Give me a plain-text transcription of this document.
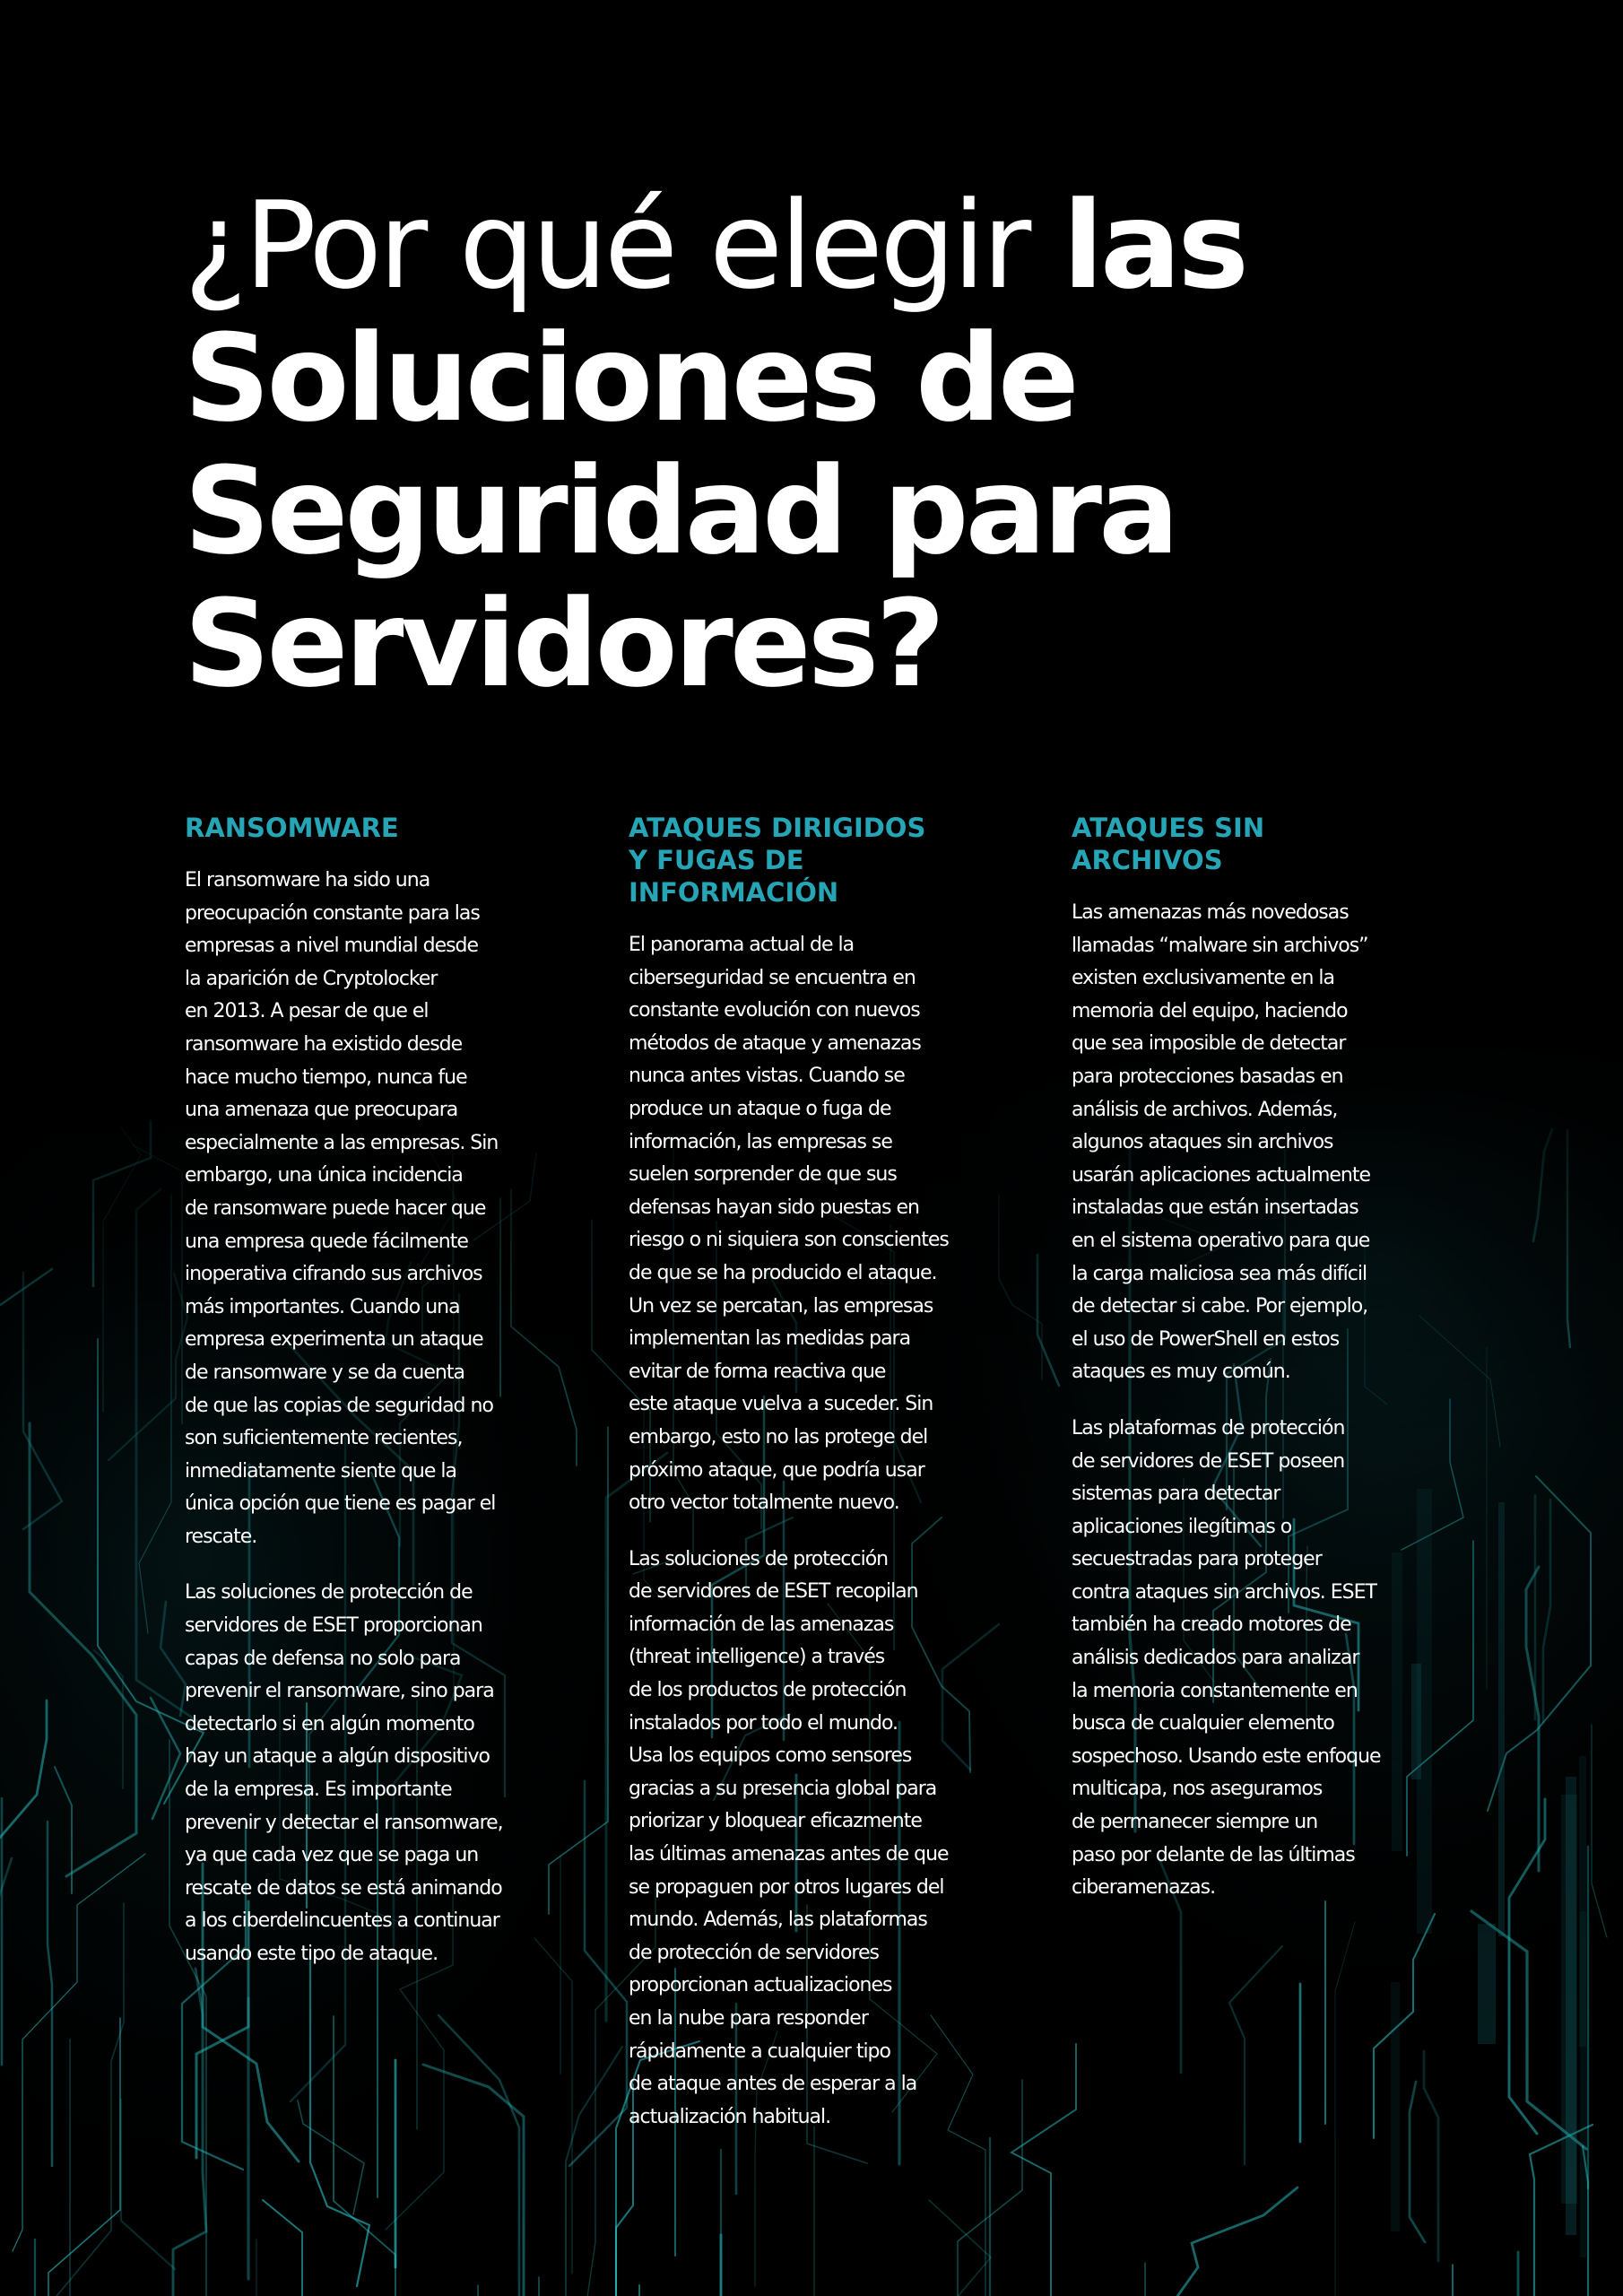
¿Por qué elegir las Soluciones de Seguridad para Servidores?
RANSOMWARE

El ransomware ha sido una
preocupación constante para las
empresas a nivel mundial desde
la aparición de Cryptolocker
en 2013. A pesar de que el
ransomware ha existido desde
hace mucho tiempo, nunca fue
una amenaza que preocupara
especialmente a las empresas. Sin
embargo, una única incidencia
de ransomware puede hacer que
una empresa quede fácilmente
inoperativa cifrando sus archivos
más importantes. Cuando una
empresa experimenta un ataque
de ransomware y se da cuenta
de que las copias de seguridad no
son suficientemente recientes,
inmediatamente siente que la
única opción que tiene es pagar el
rescate.

Las soluciones de protección de
servidores de ESET proporcionan
capas de defensa no solo para
prevenir el ransomware, sino para
detectarlo si en algún momento
hay un ataque a algún dispositivo
de la empresa. Es importante
prevenir y detectar el ransomware,
ya que cada vez que se paga un
rescate de datos se está animando
a los ciberdelincuentes a continuar
usando este tipo de ataque.

ATAQUES DIRIGIDOS
Y FUGAS DE
INFORMACIÓN

El panorama actual de la
ciberseguridad se encuentra en
constante evolución con nuevos
métodos de ataque y amenazas
nunca antes vistas. Cuando se
produce un ataque o fuga de
información, las empresas se
suelen sorprender de que sus
defensas hayan sido puestas en
riesgo o ni siquiera son conscientes
de que se ha producido el ataque.
Un vez se percatan, las empresas
implementan las medidas para
evitar de forma reactiva que
este ataque vuelva a suceder. Sin
embargo, esto no las protege del
próximo ataque, que podría usar
otro vector totalmente nuevo.

Las soluciones de protección
de servidores de ESET recopilan
información de las amenazas
(threat intelligence) a través
de los productos de protección
instalados por todo el mundo.
Usa los equipos como sensores
gracias a su presencia global para
priorizar y bloquear eficazmente
las últimas amenazas antes de que
se propaguen por otros lugares del
mundo. Además, las plataformas
de protección de servidores
proporcionan actualizaciones
en la nube para responder
rápidamente a cualquier tipo
de ataque antes de esperar a la
actualización habitual.

ATAQUES SIN
ARCHIVOS

Las amenazas más novedosas
llamadas “malware sin archivos”
existen exclusivamente en la
memoria del equipo, haciendo
que sea imposible de detectar
para protecciones basadas en
análisis de archivos. Además,
algunos ataques sin archivos
usarán aplicaciones actualmente
instaladas que están insertadas
en el sistema operativo para que
la carga maliciosa sea más difícil
de detectar si cabe. Por ejemplo,
el uso de PowerShell en estos
ataques es muy común.

Las plataformas de protección
de servidores de ESET poseen
sistemas para detectar
aplicaciones ilegítimas o
secuestradas para proteger
contra ataques sin archivos. ESET
también ha creado motores de
análisis dedicados para analizar
la memoria constantemente en
busca de cualquier elemento
sospechoso. Usando este enfoque
multicapa, nos aseguramos
de permanecer siempre un
paso por delante de las últimas
ciberamenazas.
